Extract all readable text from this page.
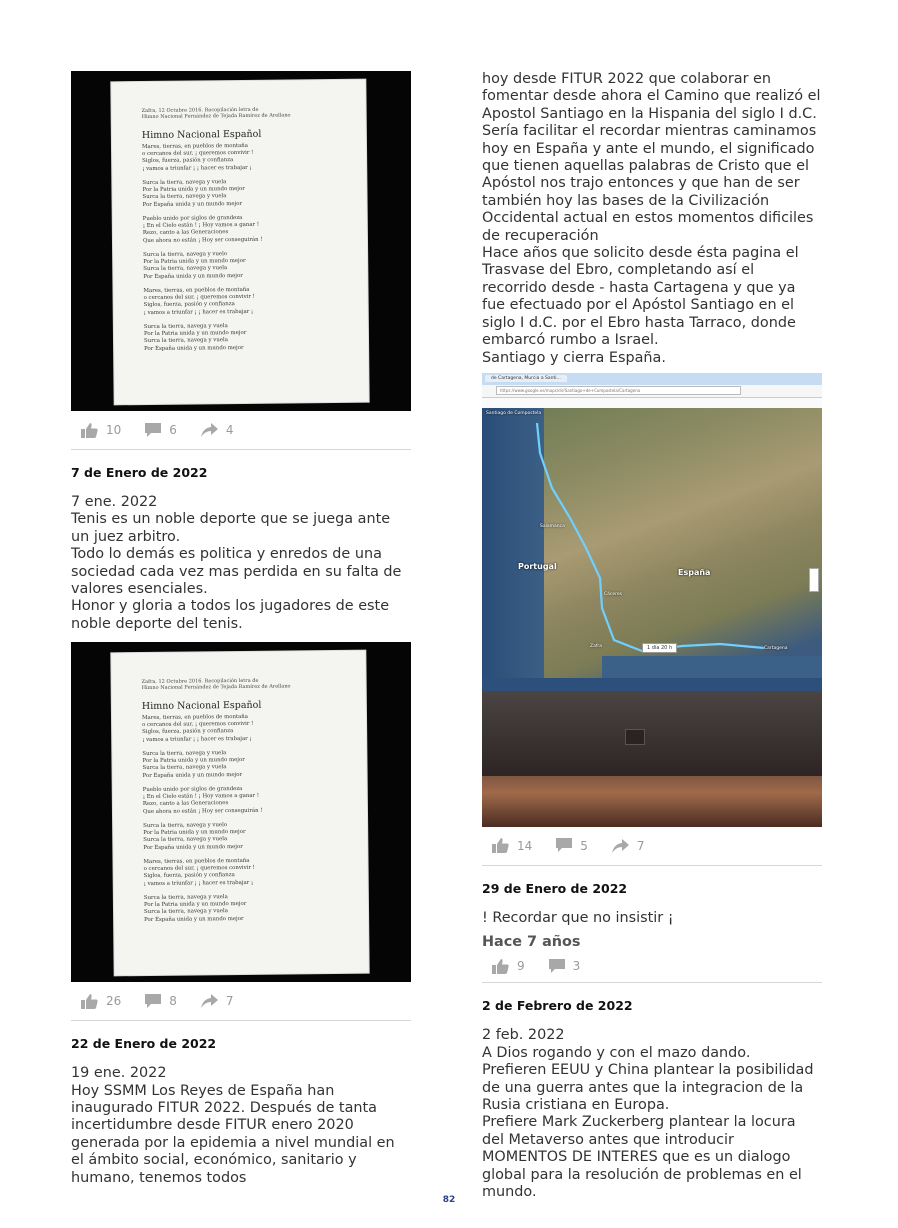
Zafra, 12 Octubre 2016. Recopilación letra de
Himno Nacional Fernández de Tejada Ramírez de Arellano
Himno Nacional Español
Mares, tierras, en pueblos de montaña
o cercanos del sur, ¡ queremos convivir !
Siglos, fuerza, pasión y confianza
¡ vamos a triunfar ¡ ¡ hacer es trabajar ¡

Surca la tierra, navega y vuela
Por la Patria unida y un mundo mejor
Surca la tierra, navega y vuela
Por España unida y un mundo mejor

Pueblo unido por siglos de grandeza
¡ En el Cielo están ! ¡ Hoy vamos a ganar !
Rezo, canto a las Generaciones
Que ahora no están ¡ Hoy ser conseguirán !

Surca la tierra, navega y vuelo
Por la Patria unida y un mundo mejor
Surca la tierra, navega y vuela
Por España unida y un mundo mejor

Mares, tierras, en pueblos de montaña
o cercanos del sur, ¡ queremos convivir !
Siglos, fuerza, pasión y confianza
¡ vamos a triunfar ¡ ¡ hacer es trabajar ¡

Surca la tierra, navega y vuela
Por la Patria unida y un mundo mejor
Surca la tierra, navega y vuela
Por España unida y un mundo mejor
10	6	4

7 de Enero de 2022

7 ene. 2022
Tenis es un noble deporte que se juega ante un juez arbitro.
Todo lo demás es politica y enredos de una sociedad cada vez mas perdida en su falta de valores esenciales.
Honor y gloria a todos los jugadores de este noble deporte del tenis.

Zafra, 12 Octubre 2016. Recopilación letra de
Himno Nacional Fernández de Tejada Ramírez de Arellano
Himno Nacional Español
Mares, tierras, en pueblos de montaña
o cercanos del sur, ¡ queremos convivir !
Siglos, fuerza, pasión y confianza
¡ vamos a triunfar ¡ ¡ hacer es trabajar ¡

Surca la tierra, navega y vuela
Por la Patria unida y un mundo mejor
Surca la tierra, navega y vuela
Por España unida y un mundo mejor

Pueblo unido por siglos de grandeza
¡ En el Cielo están ! ¡ Hoy vamos a ganar !
Rezo, canto a las Generaciones
Que ahora no están ¡ Hoy ser conseguirán !

Surca la tierra, navega y vuelo
Por la Patria unida y un mundo mejor
Surca la tierra, navega y vuela
Por España unida y un mundo mejor

Mares, tierras, en pueblos de montaña
o cercanos del sur, ¡ queremos convivir !
Siglos, fuerza, pasión y confianza
¡ vamos a triunfar ¡ ¡ hacer es trabajar ¡

Surca la tierra, navega y vuela
Por la Patria unida y un mundo mejor
Surca la tierra, navega y vuela
Por España unida y un mundo mejor
26	8	7

22 de Enero de 2022

19 ene. 2022
Hoy SSMM Los Reyes de España han inaugurado FITUR 2022. Después de tanta incertidumbre desde FITUR enero 2020 generada por la epidemia a nivel mundial en el ámbito social, económico, sanitario y humano, tenemos todos

hoy desde FITUR 2022 que colaborar en fomentar desde ahora el Camino que realizó el Apostol Santiago en la Hispania del siglo I d.C.
Sería facilitar el recordar mientras caminamos hoy en España y ante el mundo, el significado que tienen aquellas palabras de Cristo que el Apóstol nos trajo entonces y que han de ser también hoy las bases de la Civilización Occidental actual en estos momentos dificiles de recuperación
Hace años que solicito desde ésta pagina el Trasvase del Ebro, completando así el recorrido desde - hasta Cartagena y que ya fue efectuado por el Apóstol Santiago en el siglo I d.C. por el Ebro hasta Tarraco, donde embarcó rumbo a Israel.
Santiago y cierra España.

de Cartagena, Murcia a Santi...
https://www.google.es/maps/dir/Santiago+de+Compostela/Cartagena
Santiago de Compostela
Portugal
España
Salamanca
Cáceres
Zafra	Cartagena
1 día 20 h
14	5	7

29 de Enero de 2022

! Recordar que no insistir ¡

Hace 7 años

9	3

2 de Febrero de 2022

2 feb. 2022
A Dios rogando y con el mazo dando.
Prefieren EEUU y China plantear la posibilidad de una guerra antes que la integracion de la Rusia cristiana en Europa.
Prefiere Mark Zuckerberg plantear la locura del Metaverso antes que introducir MOMENTOS DE INTERES que es un dialogo global para la resolución de problemas en el mundo.

82
